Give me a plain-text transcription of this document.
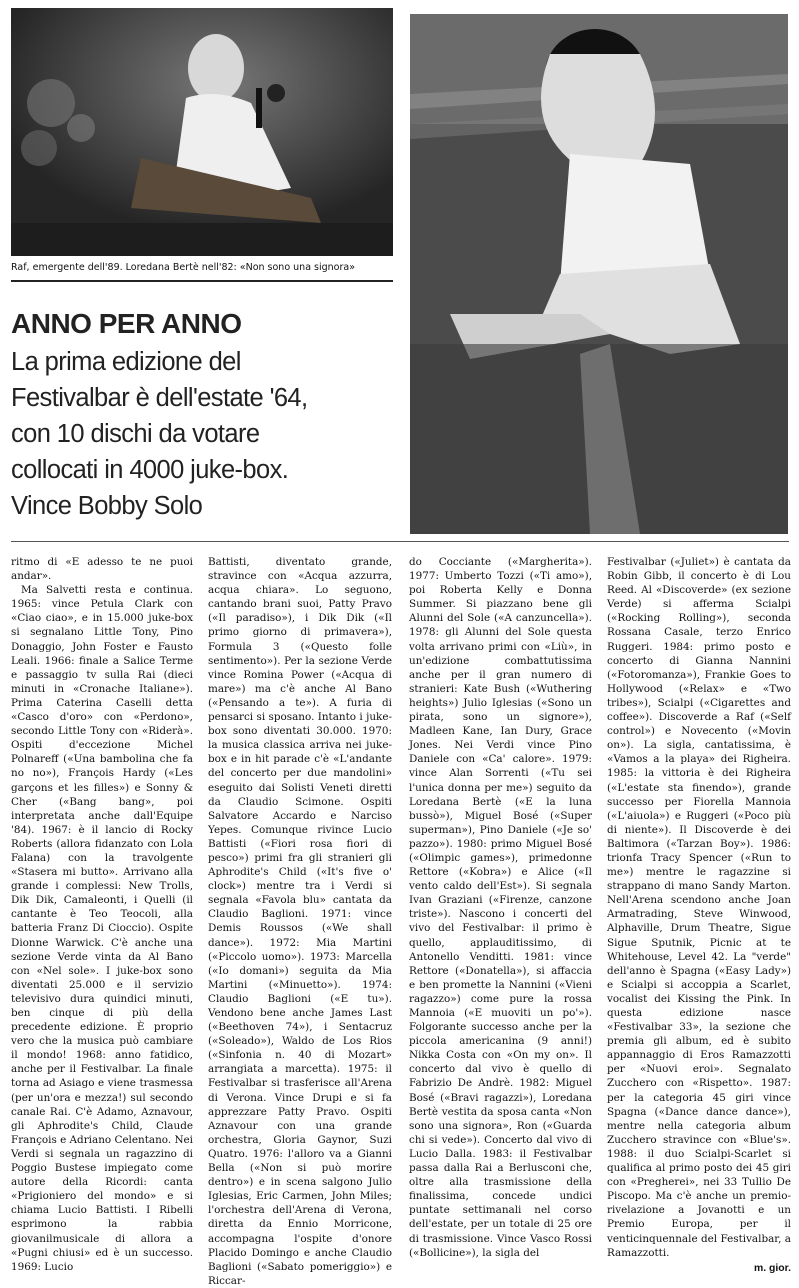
Raf, emergente dell'89. Loredana Bertè nell'82: «Non sono una signora»
ANNO PER ANNO
La prima edizione del
Festivalbar è dell'estate '64,
con 10 dischi da votare
collocati in 4000 juke-box.
Vince Bobby Solo

ritmo di «E adesso te ne puoi andar».

Ma Salvetti resta e continua. 1965: vince Petula Clark con «Ciao ciao», e in 15.000 juke-box si segnalano Little Tony, Pino Donaggio, John Foster e Fausto Leali. 1966: finale a Salice Terme e passaggio tv sulla Rai (dieci minuti in «Cronache Italiane»). Prima Caterina Caselli detta «Casco d'oro» con «Perdono», secondo Little Tony con «Riderà». Ospiti d'eccezione Michel Polnareff («Una bambolina che fa no no»), François Hardy («Les garçons et les filles») e Sonny & Cher («Bang bang», poi interpretata anche dall'Equipe '84). 1967: è il lancio di Rocky Roberts (allora fidanzato con Lola Falana) con la travolgente «Stasera mi butto». Arrivano alla grande i complessi: New Trolls, Dik Dik, Camaleonti, i Quelli (il cantante è Teo Teocoli, alla batteria Franz Di Cioccio). Ospite Dionne Warwick. C'è anche una sezione Verde vinta da Al Bano con «Nel sole». I juke-box sono diventati 25.000 e il servizio televisivo dura quindici minuti, ben cinque di più della precedente edizione. È proprio vero che la musica può cambiare il mondo! 1968: anno fatidico, anche per il Festivalbar. La finale torna ad Asiago e viene trasmessa (per un'ora e mezza!) sul secondo canale Rai. C'è Adamo, Aznavour, gli Aphrodite's Child, Claude François e Adriano Celentano. Nei Verdi si segnala un ragazzino di Poggio Bustese impiegato come autore della Ricordi: canta «Prigioniero del mondo» e si chiama Lucio Battisti. I Ribelli esprimono la rabbia giovanilmusicale di allora a «Pugni chiusi» ed è un successo. 1969: Lucio

Battisti, diventato grande, stravince con «Acqua azzurra, acqua chiara». Lo seguono, cantando brani suoi, Patty Pravo («Il paradiso»), i Dik Dik («Il primo giorno di primavera»), Formula 3 («Questo folle sentimento»). Per la sezione Verde vince Romina Power («Acqua di mare») ma c'è anche Al Bano («Pensando a te»). A furia di pensarci si sposano. Intanto i juke-box sono diventati 30.000. 1970: la musica classica arriva nei juke-box e in hit parade c'è «L'andante del concerto per due mandolini» eseguito dai Solisti Veneti diretti da Claudio Scimone. Ospiti Salvatore Accardo e Narciso Yepes. Comunque rivince Lucio Battisti («Fiori rosa fiori di pesco») primi fra gli stranieri gli Aphrodite's Child («It's five o' clock») mentre tra i Verdi si segnala «Favola blu» cantata da Claudio Baglioni. 1971: vince Demis Roussos («We shall dance»). 1972: Mia Martini («Piccolo uomo»). 1973: Marcella («Io domani») seguita da Mia Martini («Minuetto»). 1974: Claudio Baglioni («E tu»). Vendono bene anche James Last («Beethoven 74»), i Sentacruz («Soleado»), Waldo de Los Rios («Sinfonia n. 40 di Mozart» arrangiata a marcetta). 1975: il Festivalbar si trasferisce all'Arena di Verona. Vince Drupi e si fa apprezzare Patty Pravo. Ospiti Aznavour con una grande orchestra, Gloria Gaynor, Suzi Quatro. 1976: l'alloro va a Gianni Bella («Non si può morire dentro») e in scena salgono Julio Iglesias, Eric Carmen, John Miles; l'orchestra dell'Arena di Verona, diretta da Ennio Morricone, accompagna l'ospite d'onore Placido Domingo e anche Claudio Baglioni («Sabato pomeriggio») e Riccar-

do Cocciante («Margherita»). 1977: Umberto Tozzi («Ti amo»), poi Roberta Kelly e Donna Summer. Si piazzano bene gli Alunni del Sole («A canzuncella»). 1978: gli Alunni del Sole questa volta arrivano primi con «Liù», in un'edizione combattutissima anche per il gran numero di stranieri: Kate Bush («Wuthering heights») Julio Iglesias («Sono un pirata, sono un signore»), Madleen Kane, Ian Dury, Grace Jones. Nei Verdi vince Pino Daniele con «Ca' calore». 1979: vince Alan Sorrenti («Tu sei l'unica donna per me») seguito da Loredana Bertè («E la luna bussò»), Miguel Bosé («Super superman»), Pino Daniele («Je so' pazzo»). 1980: primo Miguel Bosé («Olimpic games»), primedonne Rettore («Kobra») e Alice («Il vento caldo dell'Est»). Si segnala Ivan Graziani («Firenze, canzone triste»). Nascono i concerti del vivo del Festivalbar: il primo è quello, applauditissimo, di Antonello Venditti. 1981: vince Rettore («Donatella»), si affaccia e ben promette la Nannini («Vieni ragazzo») come pure la rossa Mannoia («E muoviti un po'»). Folgorante successo anche per la piccola americanina (9 anni!) Nikka Costa con «On my on». Il concerto dal vivo è quello di Fabrizio De Andrè. 1982: Miguel Bosé («Bravi ragazzi»), Loredana Bertè vestita da sposa canta «Non sono una signora», Ron («Guarda chi si vede»). Concerto dal vivo di Lucio Dalla. 1983: il Festivalbar passa dalla Rai a Berlusconi che, oltre alla trasmissione della finalissima, concede undici puntate settimanali nel corso dell'estate, per un totale di 25 ore di trasmissione. Vince Vasco Rossi («Bollicine»), la sigla del

Festivalbar («Juliet») è cantata da Robin Gibb, il concerto è di Lou Reed. Al «Discoverde» (ex sezione Verde) si afferma Scialpi («Rocking Rolling»), seconda Rossana Casale, terzo Enrico Ruggeri. 1984: primo posto e concerto di Gianna Nannini («Fotoromanza»), Frankie Goes to Hollywood («Relax» e «Two tribes»), Scialpi («Cigarettes and coffee»). Discoverde a Raf («Self control») e Novecento («Movin on»). La sigla, cantatissima, è «Vamos a la playa» dei Righeira. 1985: la vittoria è dei Righeira («L'estate sta finendo»), grande successo per Fiorella Mannoia («L'aiuola») e Ruggeri («Poco più di niente»). Il Discoverde è dei Baltimora («Tarzan Boy»). 1986: trionfa Tracy Spencer («Run to me») mentre le ragazzine si strappano di mano Sandy Marton. Nell'Arena scendono anche Joan Armatrading, Steve Winwood, Alphaville, Drum Theatre, Sigue Sigue Sputnik, Picnic at te Whitehouse, Level 42. La "verde" dell'anno è Spagna («Easy Lady») e Scialpi si accoppia a Scarlet, vocalist dei Kissing the Pink. In questa edizione nasce «Festivalbar 33», la sezione che premia gli album, ed è subito appannaggio di Eros Ramazzotti per «Nuovi eroi». Segnalato Zucchero con «Rispetto». 1987: per la categoria 45 giri vince Spagna («Dance dance dance»), mentre nella categoria album Zucchero stravince con «Blue's». 1988: il duo Scialpi-Scarlet si qualifica al primo posto dei 45 giri con «Pregherei», nei 33 Tullio De Piscopo. Ma c'è anche un premio-rivelazione a Jovanotti e un Premio Europa, per il venticinquennale del Festivalbar, a Ramazzotti.

m. gior.
